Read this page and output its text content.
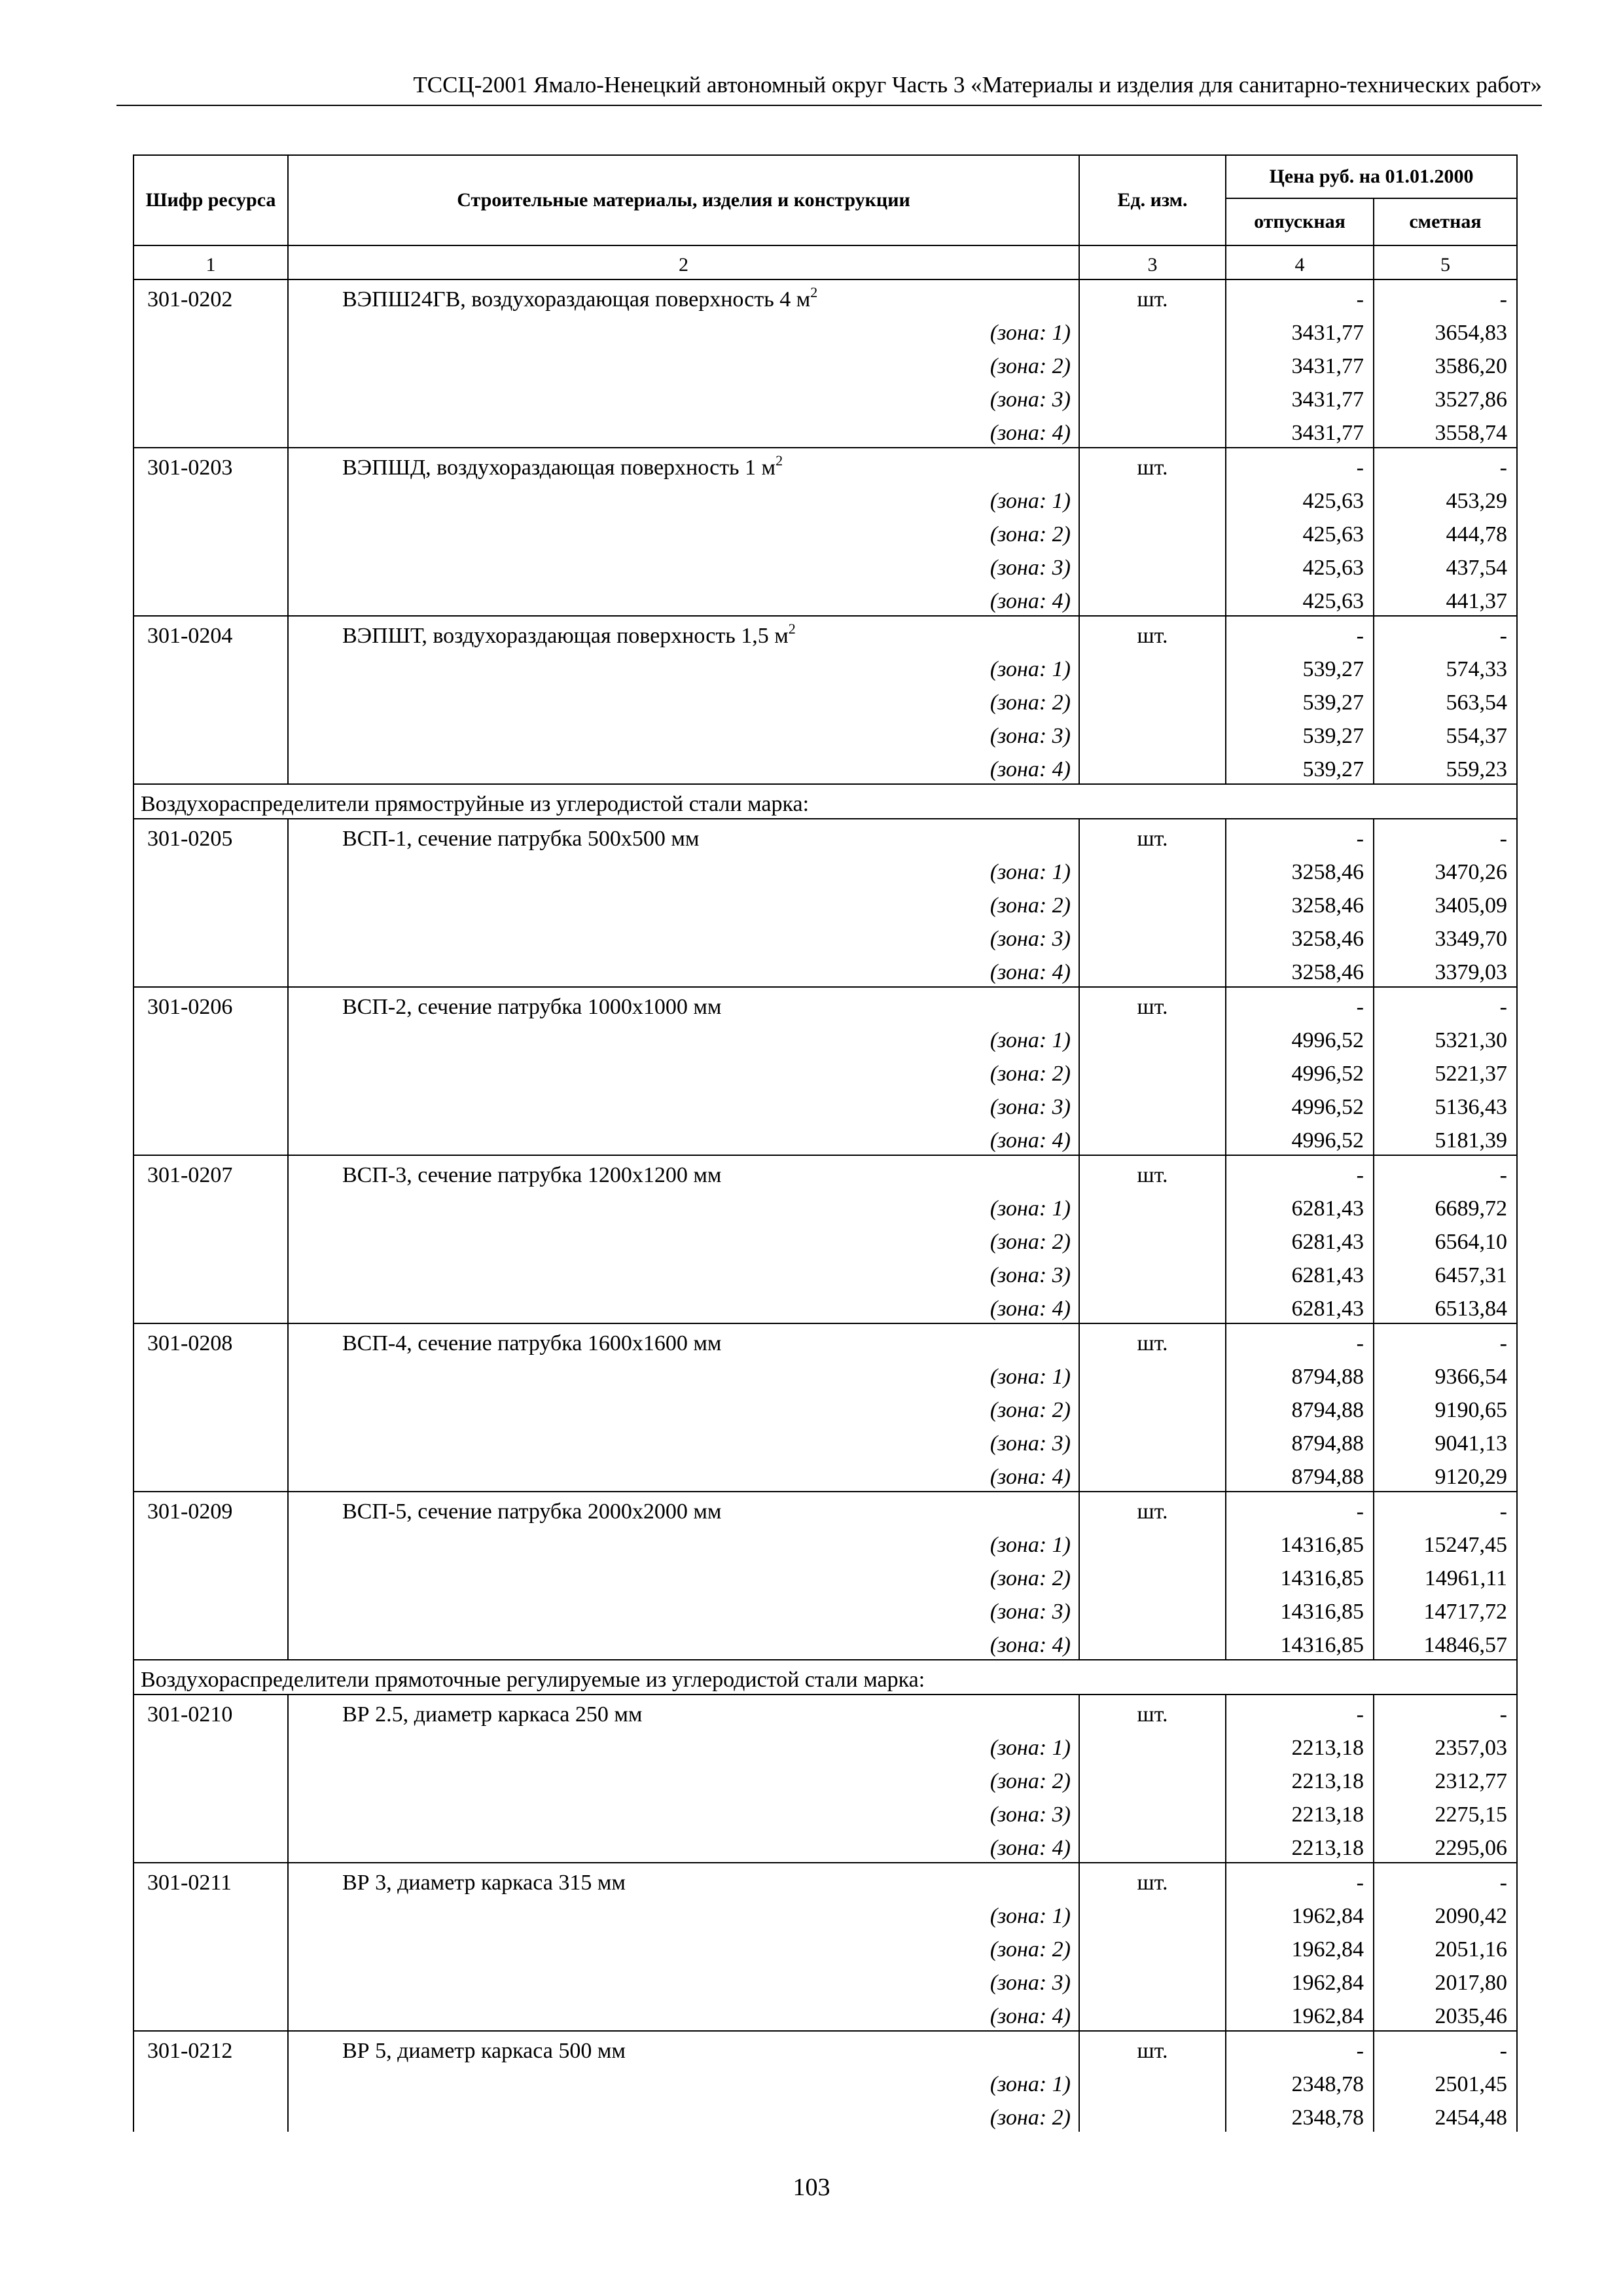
ТССЦ-2001 Ямало-Ненецкий автономный округ Часть 3 «Материалы и изделия для санитарно-технических работ»
Шифр ресурса	Строительные материалы, изделия и конструкции	Ед. изм.	Цена руб. на 01.01.2000	
			отпускная	сметная
1	2	3	4	5
301-0202	ВЭПШ24ГВ, воздухораздающая поверхность 4 $м^2$	шт.	-	-
	(зона: 1)		3431,77	3654,83
	(зона: 2)		3431,77	3586,20
	(зона: 3)		3431,77	3527,86
	(зона: 4)		3431,77	3558,74
301-0203	ВЭПШД, воздухораздающая поверхность 1 $м^2$	шт.	-	-
	(зона: 1)		425,63	453,29
	(зона: 2)		425,63	444,78
	(зона: 3)		425,63	437,54
	(зона: 4)		425,63	441,37
301-0204	ВЭПШТ, воздухораздающая поверхность 1,5 $м^2$	шт.	-	-
	(зона: 1)		539,27	574,33
	(зона: 2)		539,27	563,54
	(зона: 3)		539,27	554,37
	(зона: 4)		539,27	559,23
Воздухораспределители прямоструйные из углеродистой стали марка:				
301-0205	ВСП-1, сечение патрубка 500х500 мм	шт.	-	-
	(зона: 1)		3258,46	3470,26
	(зона: 2)		3258,46	3405,09
	(зона: 3)		3258,46	3349,70
	(зона: 4)		3258,46	3379,03
301-0206	ВСП-2, сечение патрубка 1000х1000 мм	шт.	-	-
	(зона: 1)		4996,52	5321,30
	(зона: 2)		4996,52	5221,37
	(зона: 3)		4996,52	5136,43
	(зона: 4)		4996,52	5181,39
301-0207	ВСП-3, сечение патрубка 1200х1200 мм	шт.	-	-
	(зона: 1)		6281,43	6689,72
	(зона: 2)		6281,43	6564,10
	(зона: 3)		6281,43	6457,31
	(зона: 4)		6281,43	6513,84
301-0208	ВСП-4, сечение патрубка 1600х1600 мм	шт.	-	-
	(зона: 1)		8794,88	9366,54
	(зона: 2)		8794,88	9190,65
	(зона: 3)		8794,88	9041,13
	(зона: 4)		8794,88	9120,29
301-0209	ВСП-5, сечение патрубка 2000х2000 мм	шт.	-	-
	(зона: 1)		14316,85	15247,45
	(зона: 2)		14316,85	14961,11
	(зона: 3)		14316,85	14717,72
	(зона: 4)		14316,85	14846,57
Воздухораспределители прямоточные регулируемые из углеродистой стали марка:				
301-0210	ВР 2.5, диаметр каркаса 250 мм	шт.	-	-
	(зона: 1)		2213,18	2357,03
	(зона: 2)		2213,18	2312,77
	(зона: 3)		2213,18	2275,15
	(зона: 4)		2213,18	2295,06
301-0211	ВР 3, диаметр каркаса 315 мм	шт.	-	-
	(зона: 1)		1962,84	2090,42
	(зона: 2)		1962,84	2051,16
	(зона: 3)		1962,84	2017,80
	(зона: 4)		1962,84	2035,46
301-0212	ВР 5, диаметр каркаса 500 мм	шт.	-	-
	(зона: 1)		2348,78	2501,45
	(зона: 2)		2348,78	2454,48
103
